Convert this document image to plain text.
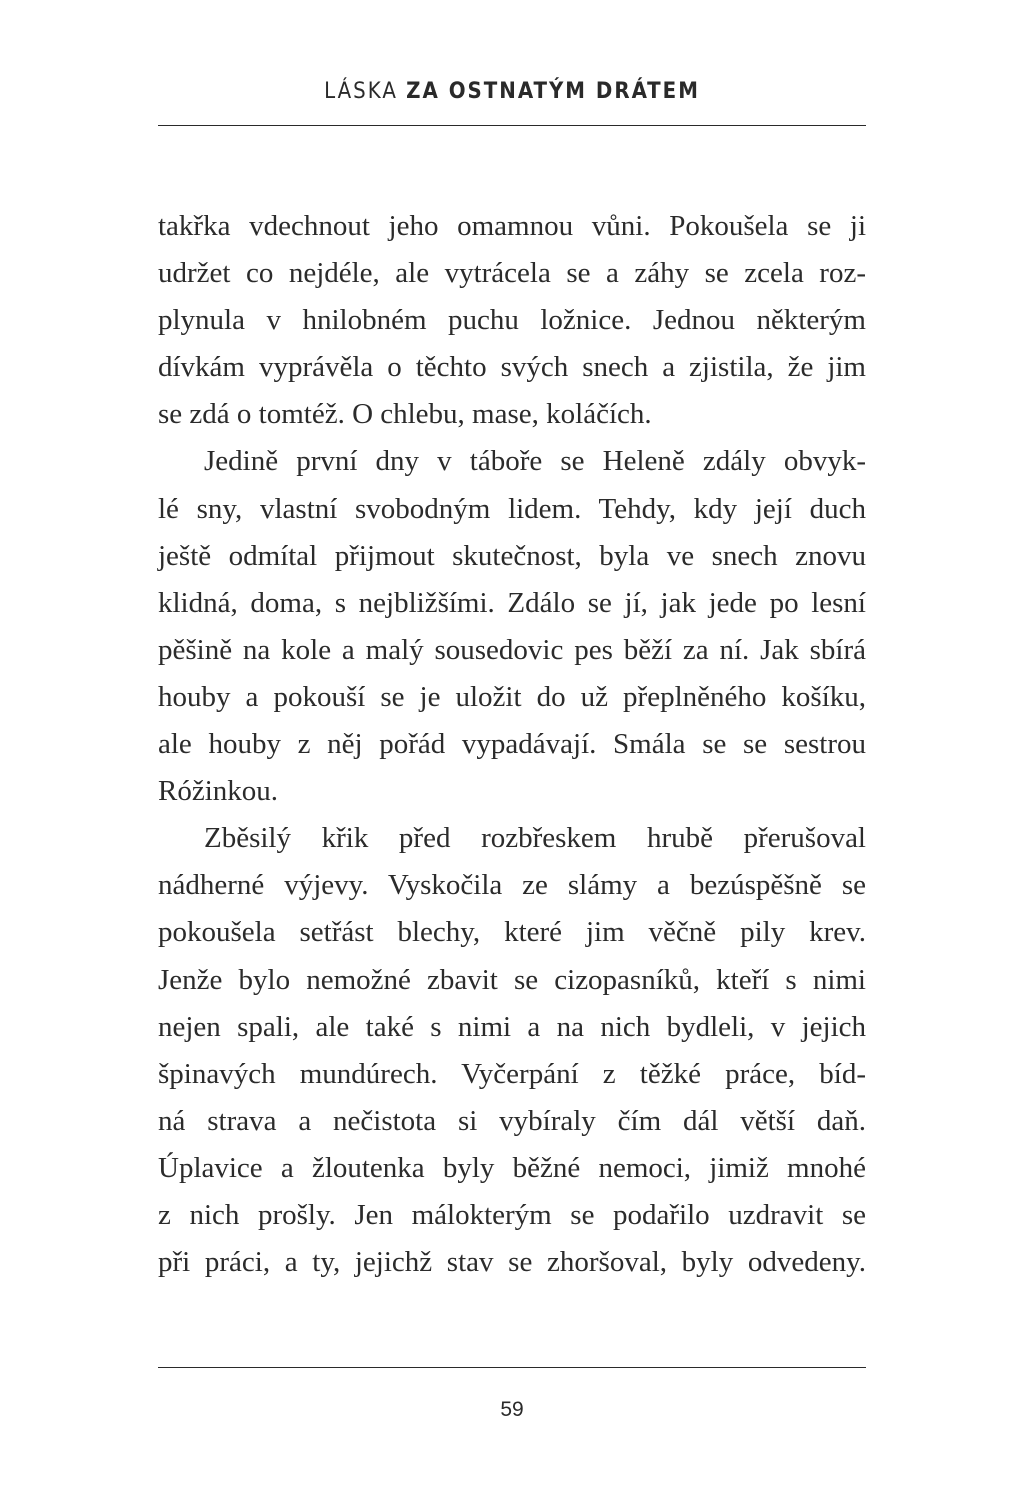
LÁSKA ZA OSTNATÝM DRÁTEM
takřka vdechnout jeho omamnou vůni. Pokoušela se ji
udržet co nejdéle, ale vytrácela se a záhy se zcela roz-
plynula v hnilobném puchu ložnice. Jednou některým
dívkám vyprávěla o těchto svých snech a zjistila, že jim
se zdá o tomtéž. O chlebu, mase, koláčích.
Jedině první dny v táboře se Heleně zdály obvyk-
lé sny, vlastní svobodným lidem. Tehdy, kdy její duch
ještě odmítal přijmout skutečnost, byla ve snech znovu
klidná, doma, s nejbližšími. Zdálo se jí, jak jede po lesní
pěšině na kole a malý sousedovic pes běží za ní. Jak sbírá
houby a pokouší se je uložit do už přeplněného košíku,
ale houby z něj pořád vypadávají. Smála se se sestrou
Róžinkou.
Zběsilý křik před rozbřeskem hrubě přerušoval
nádherné výjevy. Vyskočila ze slámy a bezúspěšně se
pokoušela setřást blechy, které jim věčně pily krev.
Jenže bylo nemožné zbavit se cizopasníků, kteří s nimi
nejen spali, ale také s nimi a na nich bydleli, v jejich
špinavých mundúrech. Vyčerpání z těžké práce, bíd-
ná strava a nečistota si vybíraly čím dál větší daň.
Úplavice a žloutenka byly běžné nemoci, jimiž mnohé
z nich prošly. Jen málokterým se podařilo uzdravit se
při práci, a ty, jejichž stav se zhoršoval, byly odvedeny.
59
